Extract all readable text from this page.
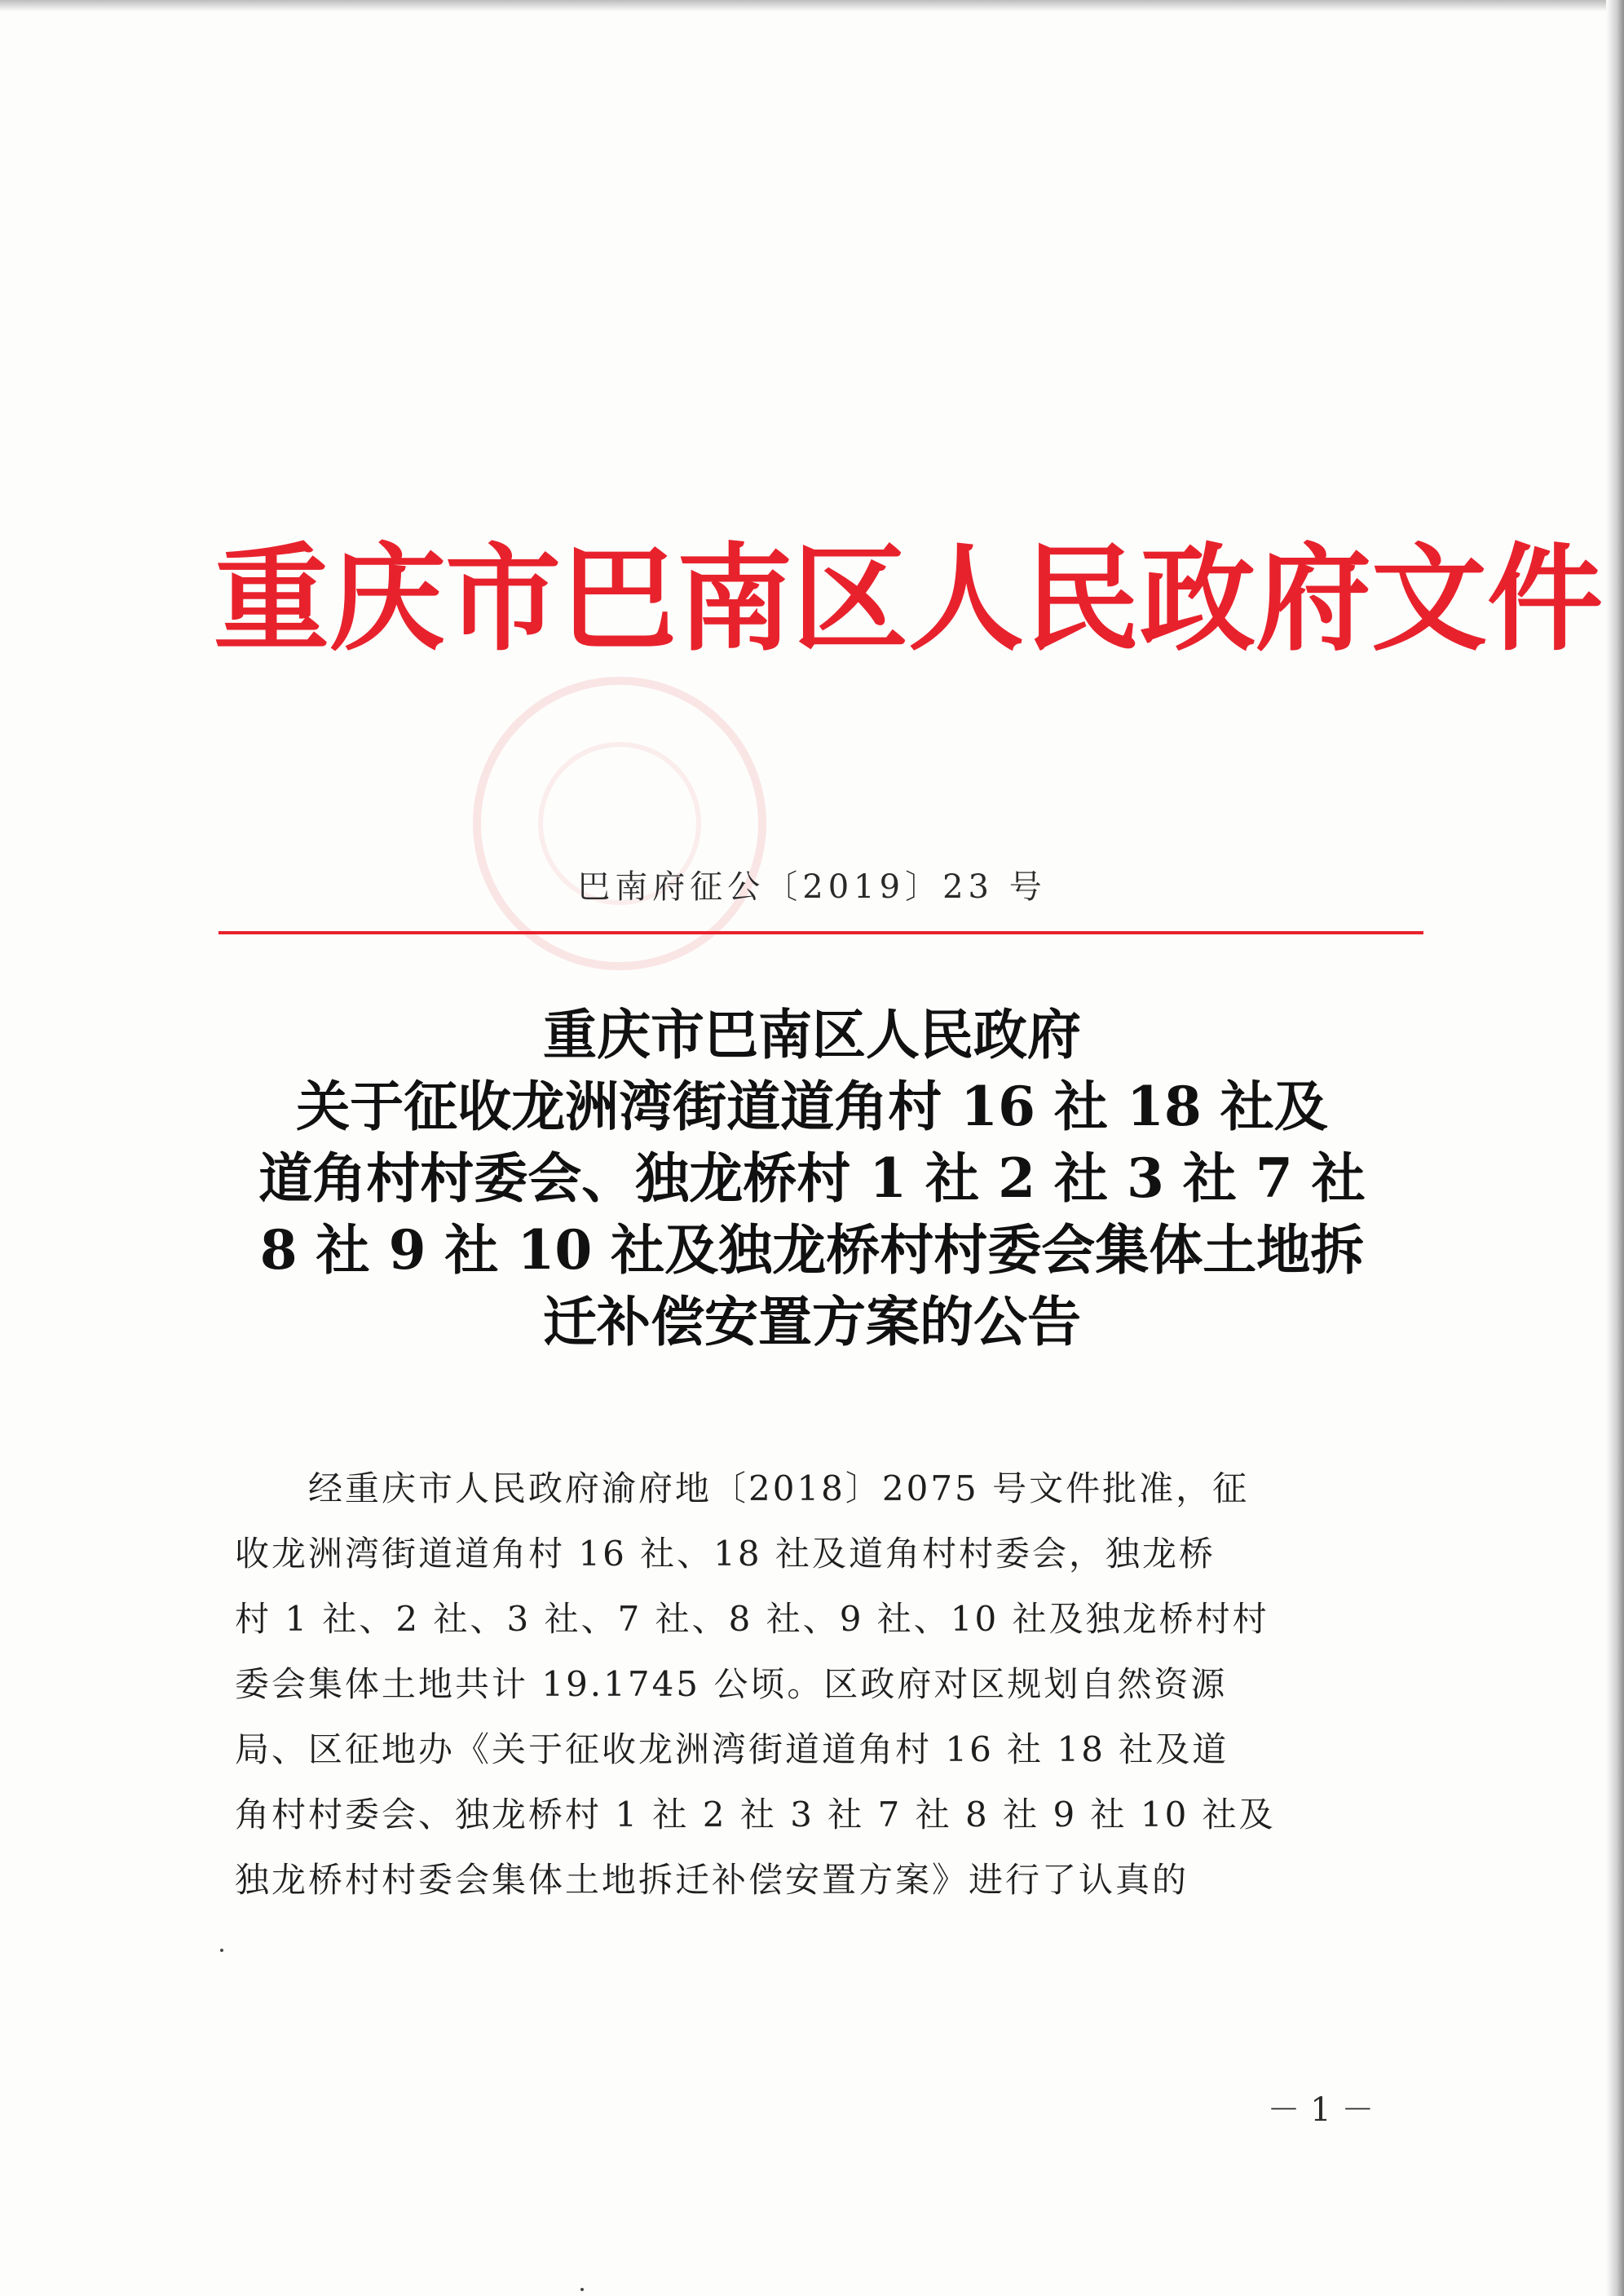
重庆市巴南区人民政府文件
巴南府征公〔2019〕23 号
重庆市巴南区人民政府
关于征收龙洲湾街道道角村 16 社 18 社及
道角村村委会、独龙桥村 1 社 2 社 3 社 7 社
8 社 9 社 10 社及独龙桥村村委会集体土地拆
迁补偿安置方案的公告
　　经重庆市人民政府渝府地〔2018〕2075 号文件批准，征
收龙洲湾街道道角村 16 社、18 社及道角村村委会，独龙桥
村 1 社、2 社、3 社、7 社、8 社、9 社、10 社及独龙桥村村
委会集体土地共计 19.1745 公顷。区政府对区规划自然资源
局、区征地办《关于征收龙洲湾街道道角村 16 社 18 社及道
角村村委会、独龙桥村 1 社 2 社 3 社 7 社 8 社 9 社 10 社及
独龙桥村村委会集体土地拆迁补偿安置方案》进行了认真的
－ 1 －
